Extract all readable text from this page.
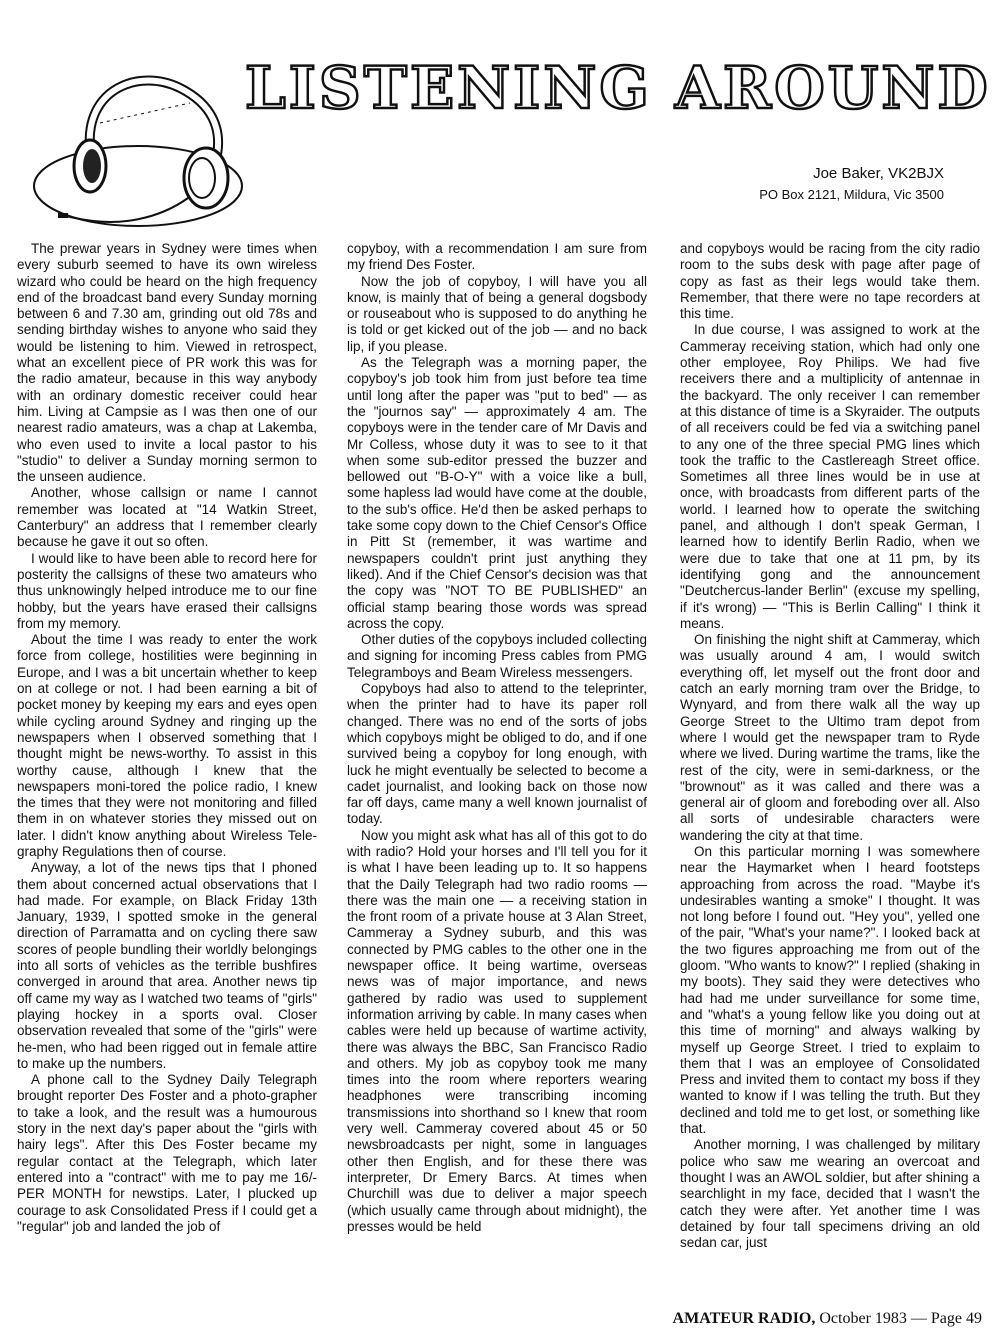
LISTENING AROUND
Joe Baker, VK2BJX
PO Box 2121, Mildura, Vic 3500

The prewar years in Sydney were times when every suburb seemed to have its own wireless wizard who could be heard on the high frequency end of the broadcast band every Sunday morning between 6 and 7.30 am, grinding out old 78s and sending birthday wishes to anyone who said they would be listening to him. Viewed in retrospect, what an excellent piece of PR work this was for the radio amateur, because in this way anybody with an ordinary domestic receiver could hear him. Living at Campsie as I was then one of our nearest radio amateurs, was a chap at Lakemba, who even used to invite a local pastor to his "studio" to deliver a Sunday morning sermon to the unseen audience.

Another, whose callsign or name I cannot remember was located at "14 Watkin Street, Canterbury" an address that I remember clearly because he gave it out so often.

I would like to have been able to record here for posterity the callsigns of these two amateurs who thus unknowingly helped introduce me to our fine hobby, but the years have erased their callsigns from my memory.

About the time I was ready to enter the work force from college, hostilities were beginning in Europe, and I was a bit uncertain whether to keep on at college or not. I had been earning a bit of pocket money by keeping my ears and eyes open while cycling around Sydney and ringing up the newspapers when I observed something that I thought might be news-worthy. To assist in this worthy cause, although I knew that the newspapers moni-tored the police radio, I knew the times that they were not monitoring and filled them in on whatever stories they missed out on later. I didn't know anything about Wireless Tele-graphy Regulations then of course.

Anyway, a lot of the news tips that I phoned them about concerned actual observations that I had made. For example, on Black Friday 13th January, 1939, I spotted smoke in the general direction of Parramatta and on cycling there saw scores of people bundling their worldly belongings into all sorts of vehicles as the terrible bushfires converged in around that area. Another news tip off came my way as I watched two teams of "girls" playing hockey in a sports oval. Closer observation revealed that some of the "girls" were he-men, who had been rigged out in female attire to make up the numbers.

A phone call to the Sydney Daily Telegraph brought reporter Des Foster and a photo-grapher to take a look, and the result was a humourous story in the next day's paper about the "girls with hairy legs". After this Des Foster became my regular contact at the Telegraph, which later entered into a "contract" with me to pay me 16/- PER MONTH for newstips. Later, I plucked up courage to ask Consolidated Press if I could get a "regular" job and landed the job of

copyboy, with a recommendation I am sure from my friend Des Foster.

Now the job of copyboy, I will have you all know, is mainly that of being a general dogsbody or rouseabout who is supposed to do anything he is told or get kicked out of the job — and no back lip, if you please.

As the Telegraph was a morning paper, the copyboy's job took him from just before tea time until long after the paper was "put to bed" — as the "journos say" — approximately 4 am. The copyboys were in the tender care of Mr Davis and Mr Colless, whose duty it was to see to it that when some sub-editor pressed the buzzer and bellowed out "B-O-Y" with a voice like a bull, some hapless lad would have come at the double, to the sub's office. He'd then be asked perhaps to take some copy down to the Chief Censor's Office in Pitt St (remember, it was wartime and newspapers couldn't print just anything they liked). And if the Chief Censor's decision was that the copy was "NOT TO BE PUBLISHED" an official stamp bearing those words was spread across the copy.

Other duties of the copyboys included collecting and signing for incoming Press cables from PMG Telegramboys and Beam Wireless messengers.

Copyboys had also to attend to the teleprinter, when the printer had to have its paper roll changed. There was no end of the sorts of jobs which copyboys might be obliged to do, and if one survived being a copyboy for long enough, with luck he might eventually be selected to become a cadet journalist, and looking back on those now far off days, came many a well known journalist of today.

Now you might ask what has all of this got to do with radio? Hold your horses and I'll tell you for it is what I have been leading up to. It so happens that the Daily Telegraph had two radio rooms — there was the main one — a receiving station in the front room of a private house at 3 Alan Street, Cammeray a Sydney suburb, and this was connected by PMG cables to the other one in the newspaper office. It being wartime, overseas news was of major importance, and news gathered by radio was used to supplement information arriving by cable. In many cases when cables were held up because of wartime activity, there was always the BBC, San Francisco Radio and others. My job as copyboy took me many times into the room where reporters wearing headphones were transcribing incoming transmissions into shorthand so I knew that room very well. Cammeray covered about 45 or 50 newsbroadcasts per night, some in languages other then English, and for these there was interpreter, Dr Emery Barcs. At times when Churchill was due to deliver a major speech (which usually came through about midnight), the presses would be held

and copyboys would be racing from the city radio room to the subs desk with page after page of copy as fast as their legs would take them. Remember, that there were no tape recorders at this time.

In due course, I was assigned to work at the Cammeray receiving station, which had only one other employee, Roy Philips. We had five receivers there and a multiplicity of antennae in the backyard. The only receiver I can remember at this distance of time is a Skyraider. The outputs of all receivers could be fed via a switching panel to any one of the three special PMG lines which took the traffic to the Castlereagh Street office. Sometimes all three lines would be in use at once, with broadcasts from different parts of the world. I learned how to operate the switching panel, and although I don't speak German, I learned how to identify Berlin Radio, when we were due to take that one at 11 pm, by its identifying gong and the announcement "Deutchercus-lander Berlin" (excuse my spelling, if it's wrong) — "This is Berlin Calling" I think it means.

On finishing the night shift at Cammeray, which was usually around 4 am, I would switch everything off, let myself out the front door and catch an early morning tram over the Bridge, to Wynyard, and from there walk all the way up George Street to the Ultimo tram depot from where I would get the newspaper tram to Ryde where we lived. During wartime the trams, like the rest of the city, were in semi-darkness, or the "brownout" as it was called and there was a general air of gloom and foreboding over all. Also all sorts of undesirable characters were wandering the city at that time.

On this particular morning I was somewhere near the Haymarket when I heard footsteps approaching from across the road. "Maybe it's undesirables wanting a smoke" I thought. It was not long before I found out. "Hey you", yelled one of the pair, "What's your name?". I looked back at the two figures approaching me from out of the gloom. "Who wants to know?" I replied (shaking in my boots). They said they were detectives who had had me under surveillance for some time, and "what's a young fellow like you doing out at this time of morning" and always walking by myself up George Street. I tried to explaim to them that I was an employee of Consolidated Press and invited them to contact my boss if they wanted to know if I was telling the truth. But they declined and told me to get lost, or something like that.

Another morning, I was challenged by military police who saw me wearing an overcoat and thought I was an AWOL soldier, but after shining a searchlight in my face, decided that I wasn't the catch they were after. Yet another time I was detained by four tall specimens driving an old sedan car, just

AMATEUR RADIO, October 1983 — Page 49
